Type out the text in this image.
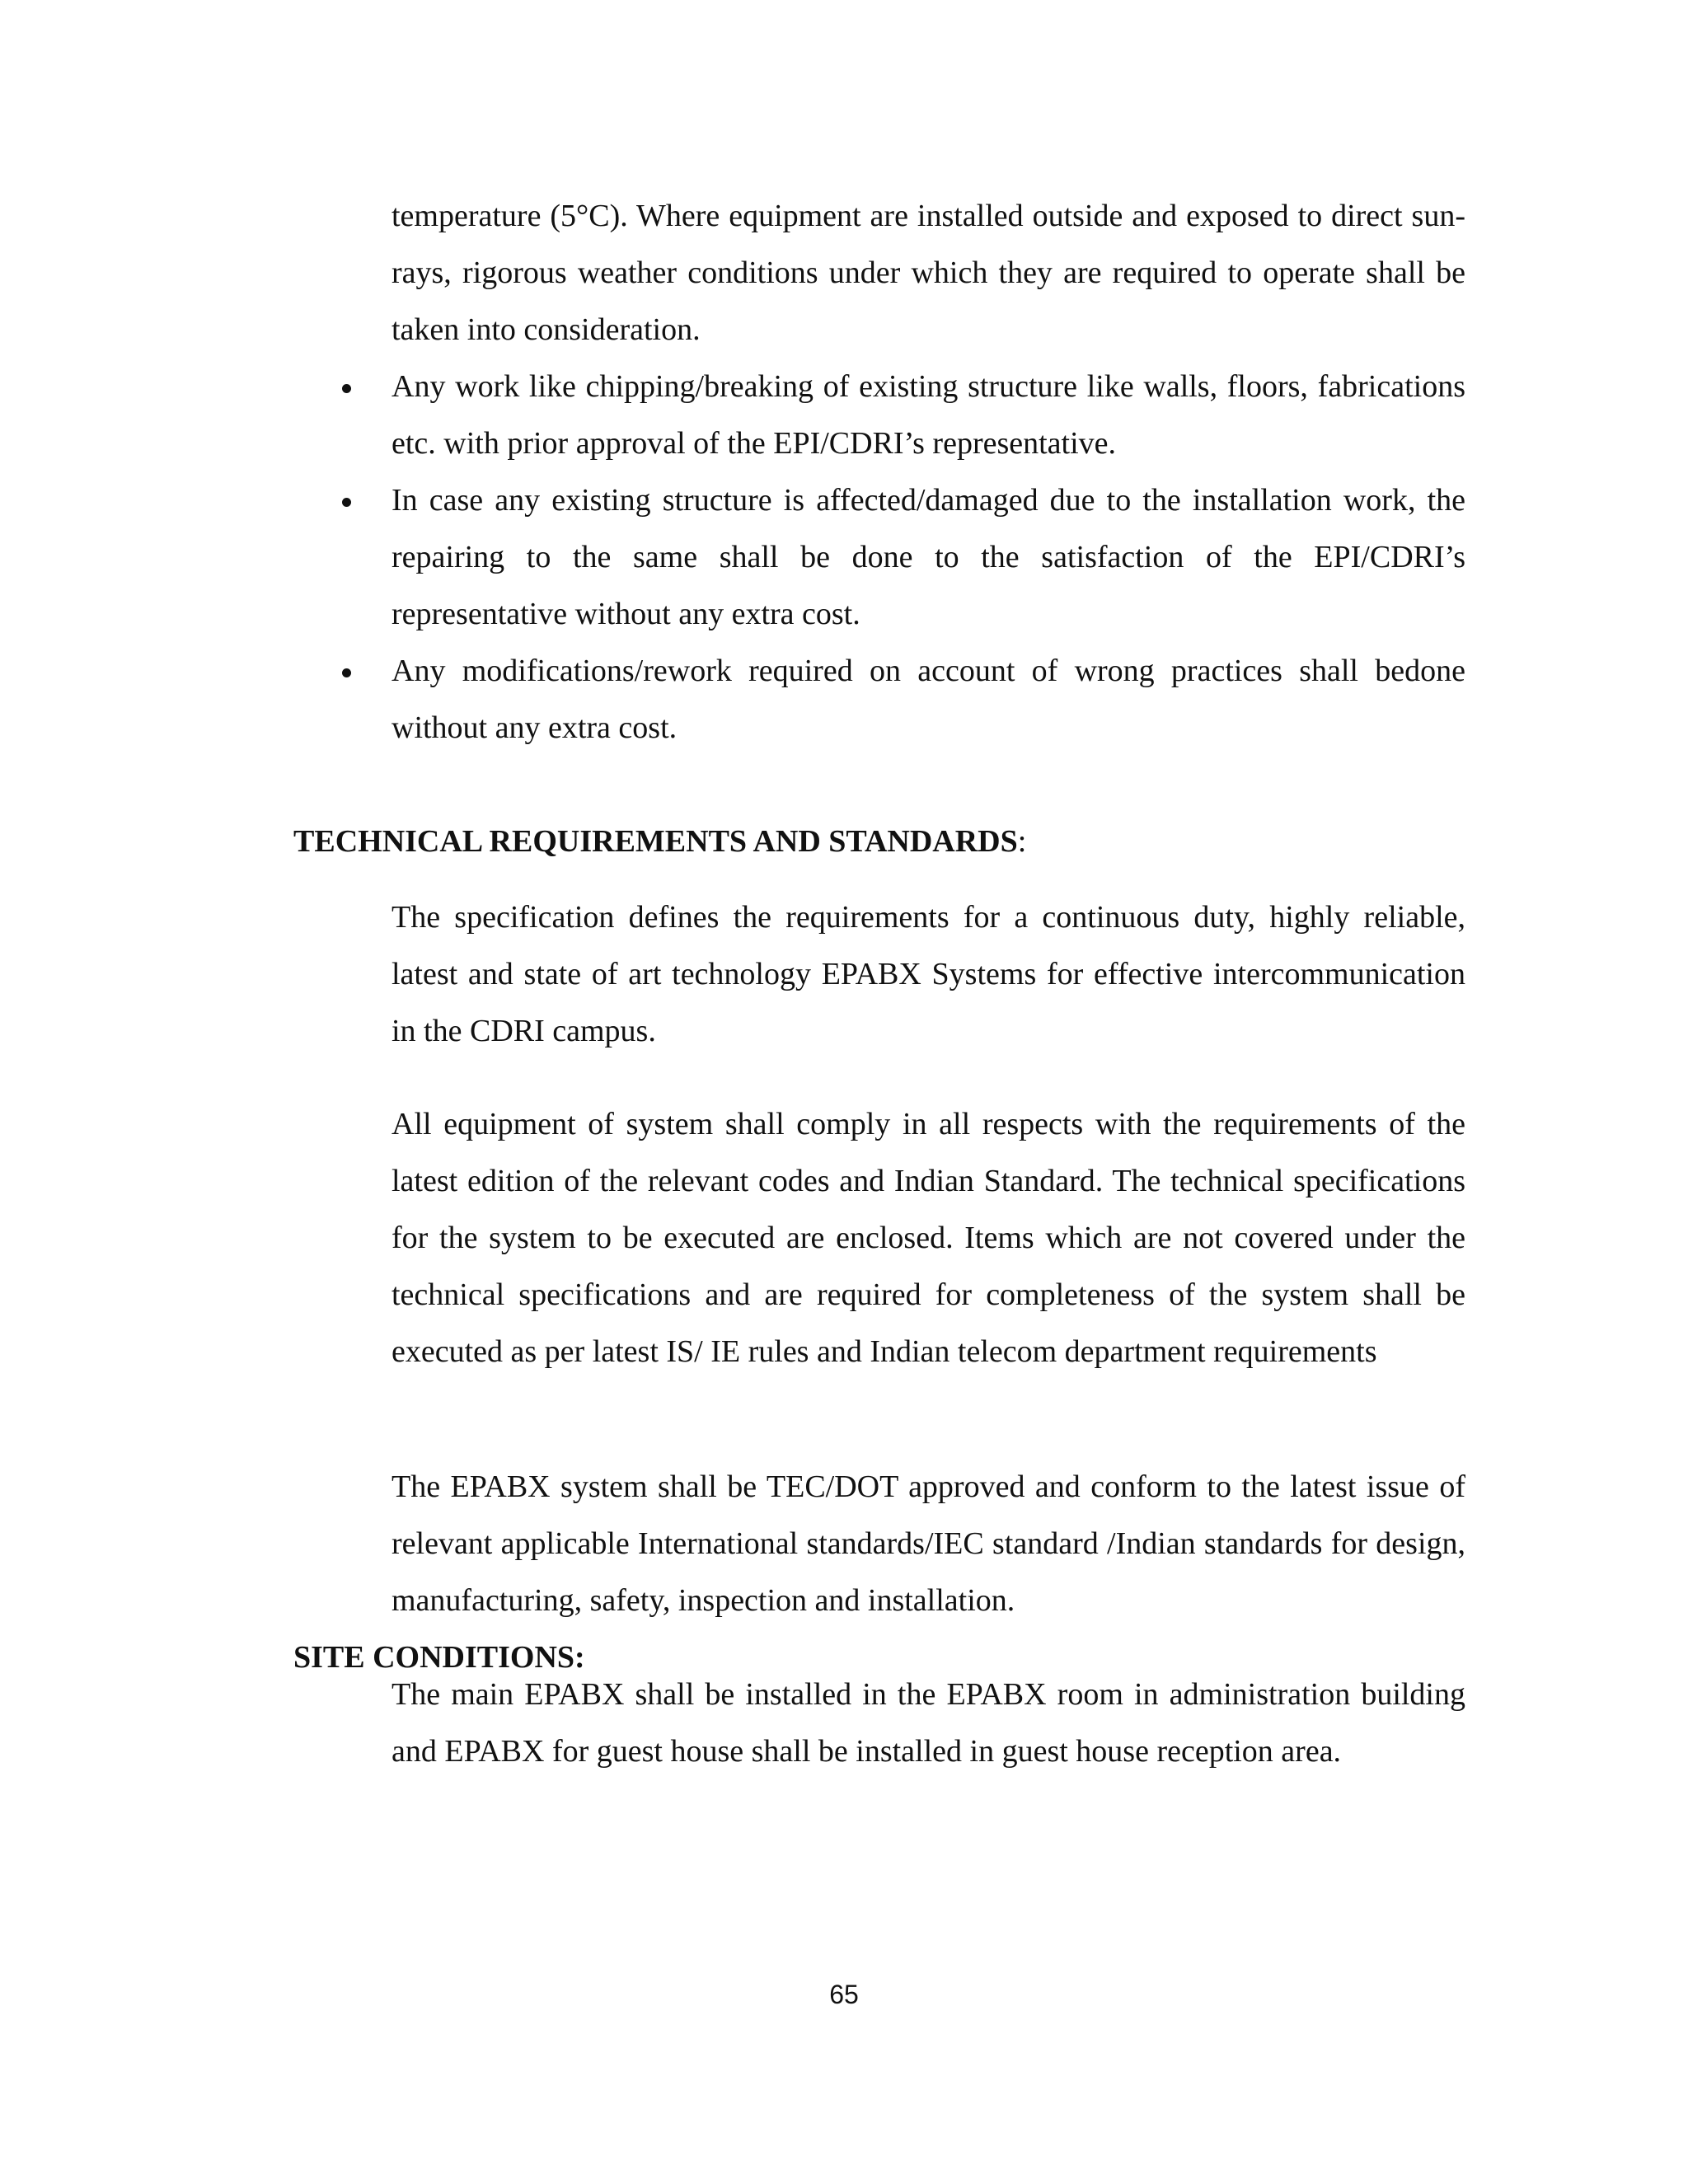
temperature (5°C). Where equipment are installed outside and exposed to direct sun-rays, rigorous weather conditions under which they are required to operate shall be taken into consideration.

Any work like chipping/breaking of existing structure like walls, floors, fabrications etc. with prior approval of the EPI/CDRI’s representative.
In case any existing structure is affected/damaged due to the installation work, the repairing to the same shall be done to the satisfaction of the EPI/CDRI’s representative without any extra cost.
Any modifications/rework required on account of wrong practices shall bedone without any extra cost.
TECHNICAL REQUIREMENTS AND STANDARDS:

The specification defines the requirements for a continuous duty, highly reliable, latest and state of art technology EPABX Systems for effective intercommunication in the CDRI campus.

All equipment of system shall comply in all respects with the requirements of the latest edition of the relevant codes and Indian Standard. The technical specifications for the system to be executed are enclosed. Items which are not covered under the technical specifications and are required for completeness of the system shall be executed as per latest IS/ IE rules and Indian telecom department requirements

The EPABX system shall be TEC/DOT approved and conform to the latest issue of relevant applicable International standards/IEC standard /Indian standards for design, manufacturing, safety, inspection and installation.

SITE CONDITIONS:

The main EPABX shall be installed in the EPABX room in administration building and EPABX for guest house shall be installed in guest house reception area.

65
